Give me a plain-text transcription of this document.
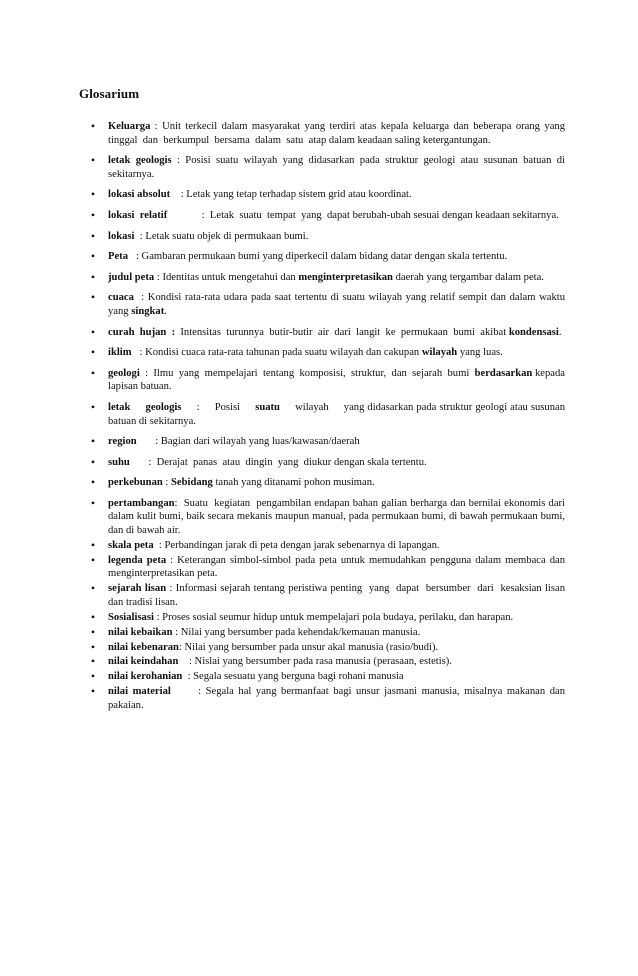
Glosarium
•	Keluarga : Unit terkecil dalam masyarakat yang terdiri atas kepala keluarga dan beberapa orang yang tinggal  dan  berkumpul  bersama  dalam  satu  atap dalam keadaan saling ketergantungan.
•	letak geologis : Posisi suatu wilayah yang didasarkan pada struktur geologi atau susunan batuan di sekitarnya.
•	lokasi absolut    : Letak yang tetap terhadap sistem grid atau koordinat.
•	lokasi  relatif             :  Letak  suatu  tempat  yang  dapat berubah-ubah sesuai dengan keadaan sekitarnya.
•	lokasi  : Letak suatu objek di permukaan bumi.
•	Peta   : Gambaran permukaan bumi yang diperkecil dalam bidang datar dengan skala tertentu.
•	judul peta : Identitas untuk mengetahui dan menginterpretasikan daerah yang tergambar dalam peta.
•	cuaca  : Kondisi rata-rata udara pada saat tertentu di suatu wilayah yang relatif sempit dan dalam waktu yang singkat.
•	curah  hujan  :  Intensitas  turunnya  butir-butir  air  dari  langit  ke  permukaan  bumi  akibat kondensasi.
•	iklim   : Kondisi cuaca rata-rata tahunan pada suatu wilayah dan cakupan wilayah yang luas.
•	geologi  :  Ilmu  yang  mempelajari  tentang  komposisi,  struktur,  dan  sejarah  bumi  berdasarkan kepada lapisan batuan.
•	letak     geologis     :     Posisi     suatu     wilayah     yang didasarkan pada struktur geologi atau susunan batuan di sekitarnya.
•	region       : Bagian dari wilayah yang luas/kawasan/daerah
•	suhu       :  Derajat  panas  atau  dingin  yang  diukur dengan skala tertentu.
•	perkebunan : Sebidang tanah yang ditanami pohon musiman.
•	pertambangan:  Suatu  kegiatan  pengambilan endapan bahan galian berharga dan bernilai ekonomis dari dalam kulit bumi, baik secara mekanis maupun manual, pada permukaan bumi, di bawah permukaan bumi, dan di bawah air.
•	skala peta  : Perbandingan jarak di peta dengan jarak sebenarnya di lapangan.
•	legenda peta : Keterangan simbol-simbol pada peta untuk memudahkan pengguna dalam membaca dan menginterpretasikan peta.
•	sejarah lisan : Informasi sejarah tentang peristiwa penting  yang  dapat  bersumber  dari  kesaksian lisan dan tradisi lisan.
•	Sosialisasi : Proses sosial seumur hidup untuk mempelajari pola budaya, perilaku, dan harapan.
•	nilai kebaikan : Nilai yang bersumber pada kehendak/kemauan manusia.
•	nilai kebenaran: Nilai yang bersumber pada unsur akal manusia (rasio/budi).
•	nilai keindahan    : Nislai yang bersumber pada rasa manusia (perasaan, estetis).
•	nilai kerohanian  : Segala sesuatu yang berguna bagi rohani manusia
•	nilai material      : Segala hal yang bermanfaat bagi unsur jasmani manusia, misalnya makanan dan pakaian.
